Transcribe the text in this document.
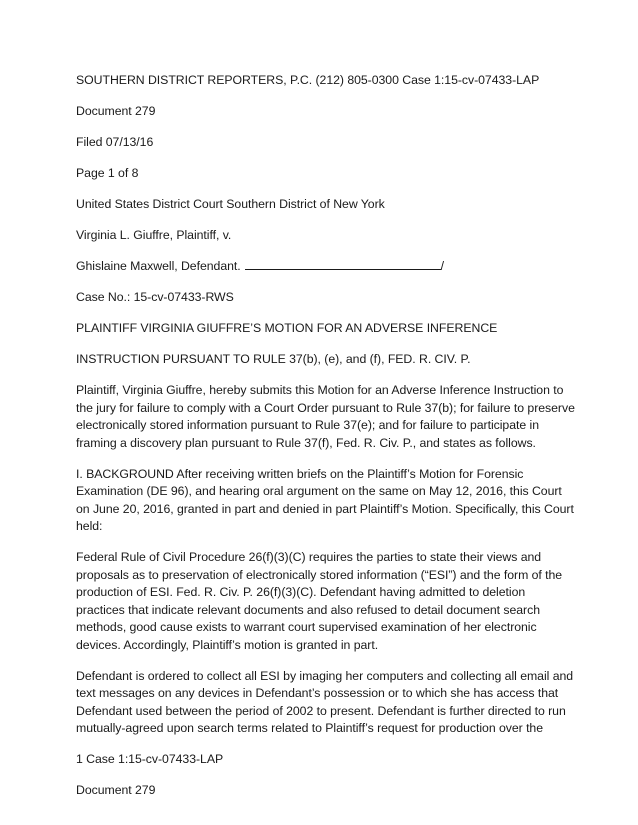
SOUTHERN DISTRICT REPORTERS, P.C. (212) 805-0300 Case 1:15-cv-07433-LAP

Document 279

Filed 07/13/16

Page 1 of 8

United States District Court Southern District of New York

Virginia L. Giuffre, Plaintiff, v.

Ghislaine Maxwell, Defendant.	/

Case No.: 15-cv-07433-RWS

PLAINTIFF VIRGINIA GIUFFRE’S MOTION FOR AN ADVERSE INFERENCE

INSTRUCTION PURSUANT TO RULE 37(b), (e), and (f), FED. R. CIV. P.

Plaintiff, Virginia Giuffre, hereby submits this Motion for an Adverse Inference Instruction to the jury for failure to comply with a Court Order pursuant to Rule 37(b); for failure to preserve electronically stored information pursuant to Rule 37(e); and for failure to participate in framing a discovery plan pursuant to Rule 37(f), Fed. R. Civ. P., and states as follows.

I. BACKGROUND After receiving written briefs on the Plaintiff’s Motion for Forensic Examination (DE 96), and hearing oral argument on the same on May 12, 2016, this Court on June 20, 2016, granted in part and denied in part Plaintiff’s Motion. Specifically, this Court held:

Federal Rule of Civil Procedure 26(f)(3)(C) requires the parties to state their views and proposals as to preservation of electronically stored information (“ESI”) and the form of the production of ESI. Fed. R. Civ. P. 26(f)(3)(C). Defendant having admitted to deletion practices that indicate relevant documents and also refused to detail document search methods, good cause exists to warrant court supervised examination of her electronic devices. Accordingly, Plaintiff’s motion is granted in part.

Defendant is ordered to collect all ESI by imaging her computers and collecting all email and text messages on any devices in Defendant’s possession or to which she has access that Defendant used between the period of 2002 to present. Defendant is further directed to run mutually-agreed upon search terms related to Plaintiff’s request for production over the

1 Case 1:15-cv-07433-LAP

Document 279
